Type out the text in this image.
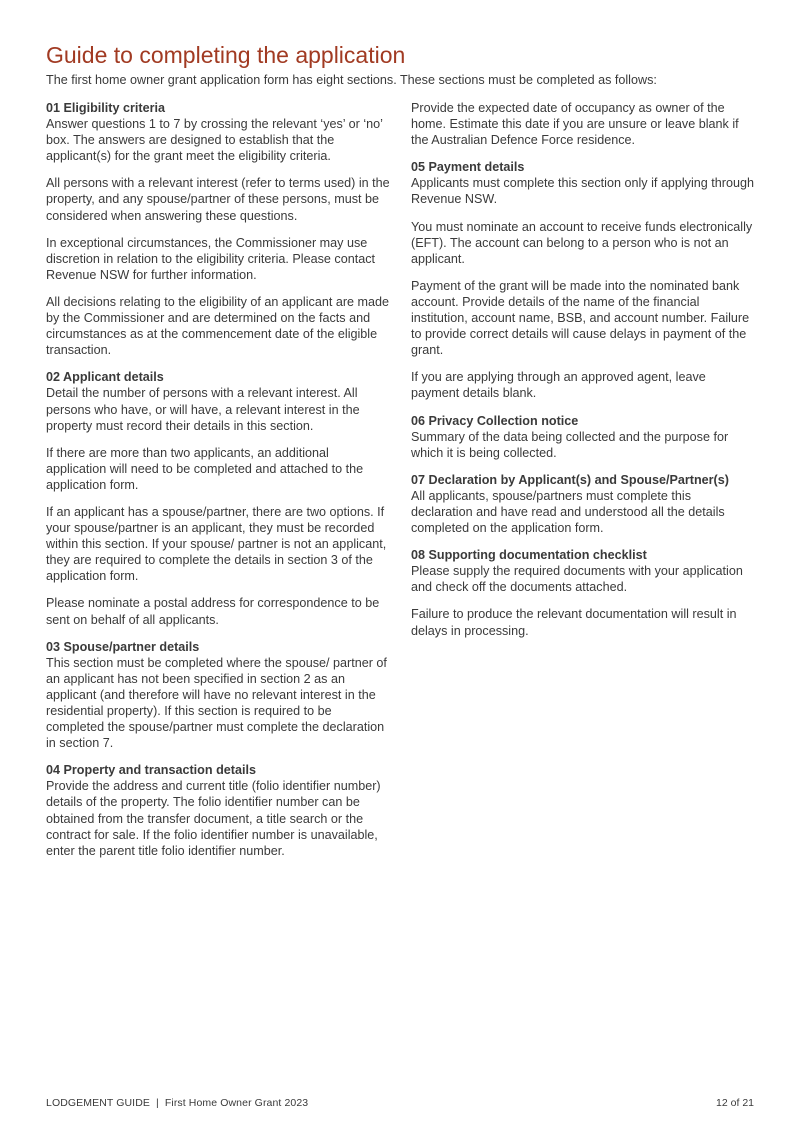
Guide to completing the application

The first home owner grant application form has eight sections. These sections must be completed as follows:

01 Eligibility criteria

Answer questions 1 to 7 by crossing the relevant ‘yes’ or ‘no’ box. The answers are designed to establish that the applicant(s) for the grant meet the eligibility criteria.

All persons with a relevant interest (refer to terms used) in the property, and any spouse/partner of these persons, must be considered when answering these questions.

In exceptional circumstances, the Commissioner may use discretion in relation to the eligibility criteria. Please contact Revenue NSW for further information.

All decisions relating to the eligibility of an applicant are made by the Commissioner and are determined on the facts and circumstances as at the commencement date of the eligible transaction.

02 Applicant details

Detail the number of persons with a relevant interest. All persons who have, or will have, a relevant interest in the property must record their details in this section.

If there are more than two applicants, an additional application will need to be completed and attached to the application form.

If an applicant has a spouse/partner, there are two options. If your spouse/partner is an applicant, they must be recorded within this section. If your spouse/ partner is not an applicant, they are required to complete the details in section 3 of the application form.

Please nominate a postal address for correspondence to be sent on behalf of all applicants.

03 Spouse/partner details

This section must be completed where the spouse/ partner of an applicant has not been specified in section 2 as an applicant (and therefore will have no relevant interest in the residential property). If this section is required to be completed the spouse/partner must complete the declaration in section 7.

04 Property and transaction details

Provide the address and current title (folio identifier number) details of the property. The folio identifier number can be obtained from the transfer document, a title search or the contract for sale. If the folio identifier number is unavailable, enter the parent title folio identifier number.

Provide the expected date of occupancy as owner of the home. Estimate this date if you are unsure or leave blank if the Australian Defence Force residence.

05 Payment details

Applicants must complete this section only if applying through Revenue NSW.

You must nominate an account to receive funds electronically (EFT). The account can belong to a person who is not an applicant.

Payment of the grant will be made into the nominated bank account. Provide details of the name of the financial institution, account name, BSB, and account number. Failure to provide correct details will cause delays in payment of the grant.

If you are applying through an approved agent, leave payment details blank.

06 Privacy Collection notice

Summary of the data being collected and the purpose for which it is being collected.

07 Declaration by Applicant(s) and Spouse/Partner(s)

All applicants, spouse/partners must complete this declaration and have read and understood all the details completed on the application form.

08 Supporting documentation checklist

Please supply the required documents with your application and check off the documents attached.

Failure to produce the relevant documentation will result in delays in processing.

LODGEMENT GUIDE  |  First Home Owner Grant 2023	12 of 21
